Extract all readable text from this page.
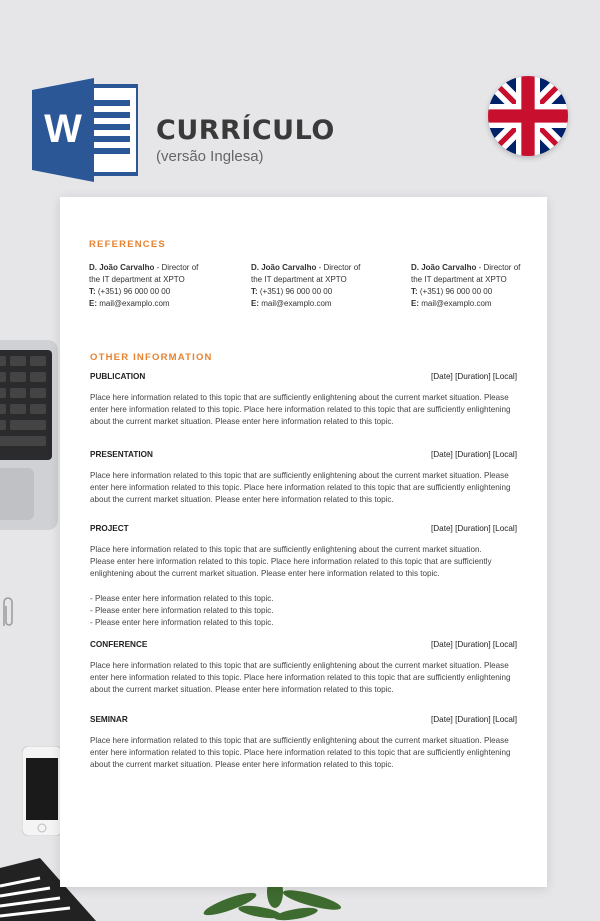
W	CURRÍCULO
(versão Inglesa)
REFERENCES
D. João Carvalho - Director of
the IT department at XPTO
T: (+351) 96 000 00 00
E: mail@examplo.com
D. João Carvalho - Director of
the IT department at XPTO
T: (+351) 96 000 00 00
E: mail@examplo.com
D. João Carvalho - Director of
the IT department at XPTO
T: (+351) 96 000 00 00
E: mail@examplo.com
OTHER INFORMATION
PUBLICATION	[Date] [Duration] [Local]
Place here information related to this topic that are sufficiently enlightening about the current market situation. Please
enter here information related to this topic. Place here information related to this topic that are sufficiently enlightening
about the current market situation. Please enter here information related to this topic.
PRESENTATION	[Date] [Duration] [Local]
Place here information related to this topic that are sufficiently enlightening about the current market situation. Please
enter here information related to this topic. Place here information related to this topic that are sufficiently enlightening
about the current market situation. Please enter here information related to this topic.
PROJECT	[Date] [Duration] [Local]
Place here information related to this topic that are sufficiently enlightening about the current market situation.
Please enter here information related to this topic. Place here information related to this topic that are sufficiently
enlightening about the current market situation. Please enter here information related to this topic.
- Please enter here information related to this topic.
- Please enter here information related to this topic.
- Please enter here information related to this topic.
CONFERENCE	[Date] [Duration] [Local]
Place here information related to this topic that are sufficiently enlightening about the current market situation. Please
enter here information related to this topic. Place here information related to this topic that are sufficiently enlightening
about the current market situation. Please enter here information related to this topic.
SEMINAR	[Date] [Duration] [Local]
Place here information related to this topic that are sufficiently enlightening about the current market situation. Please
enter here information related to this topic. Place here information related to this topic that are sufficiently enlightening
about the current market situation. Please enter here information related to this topic.
